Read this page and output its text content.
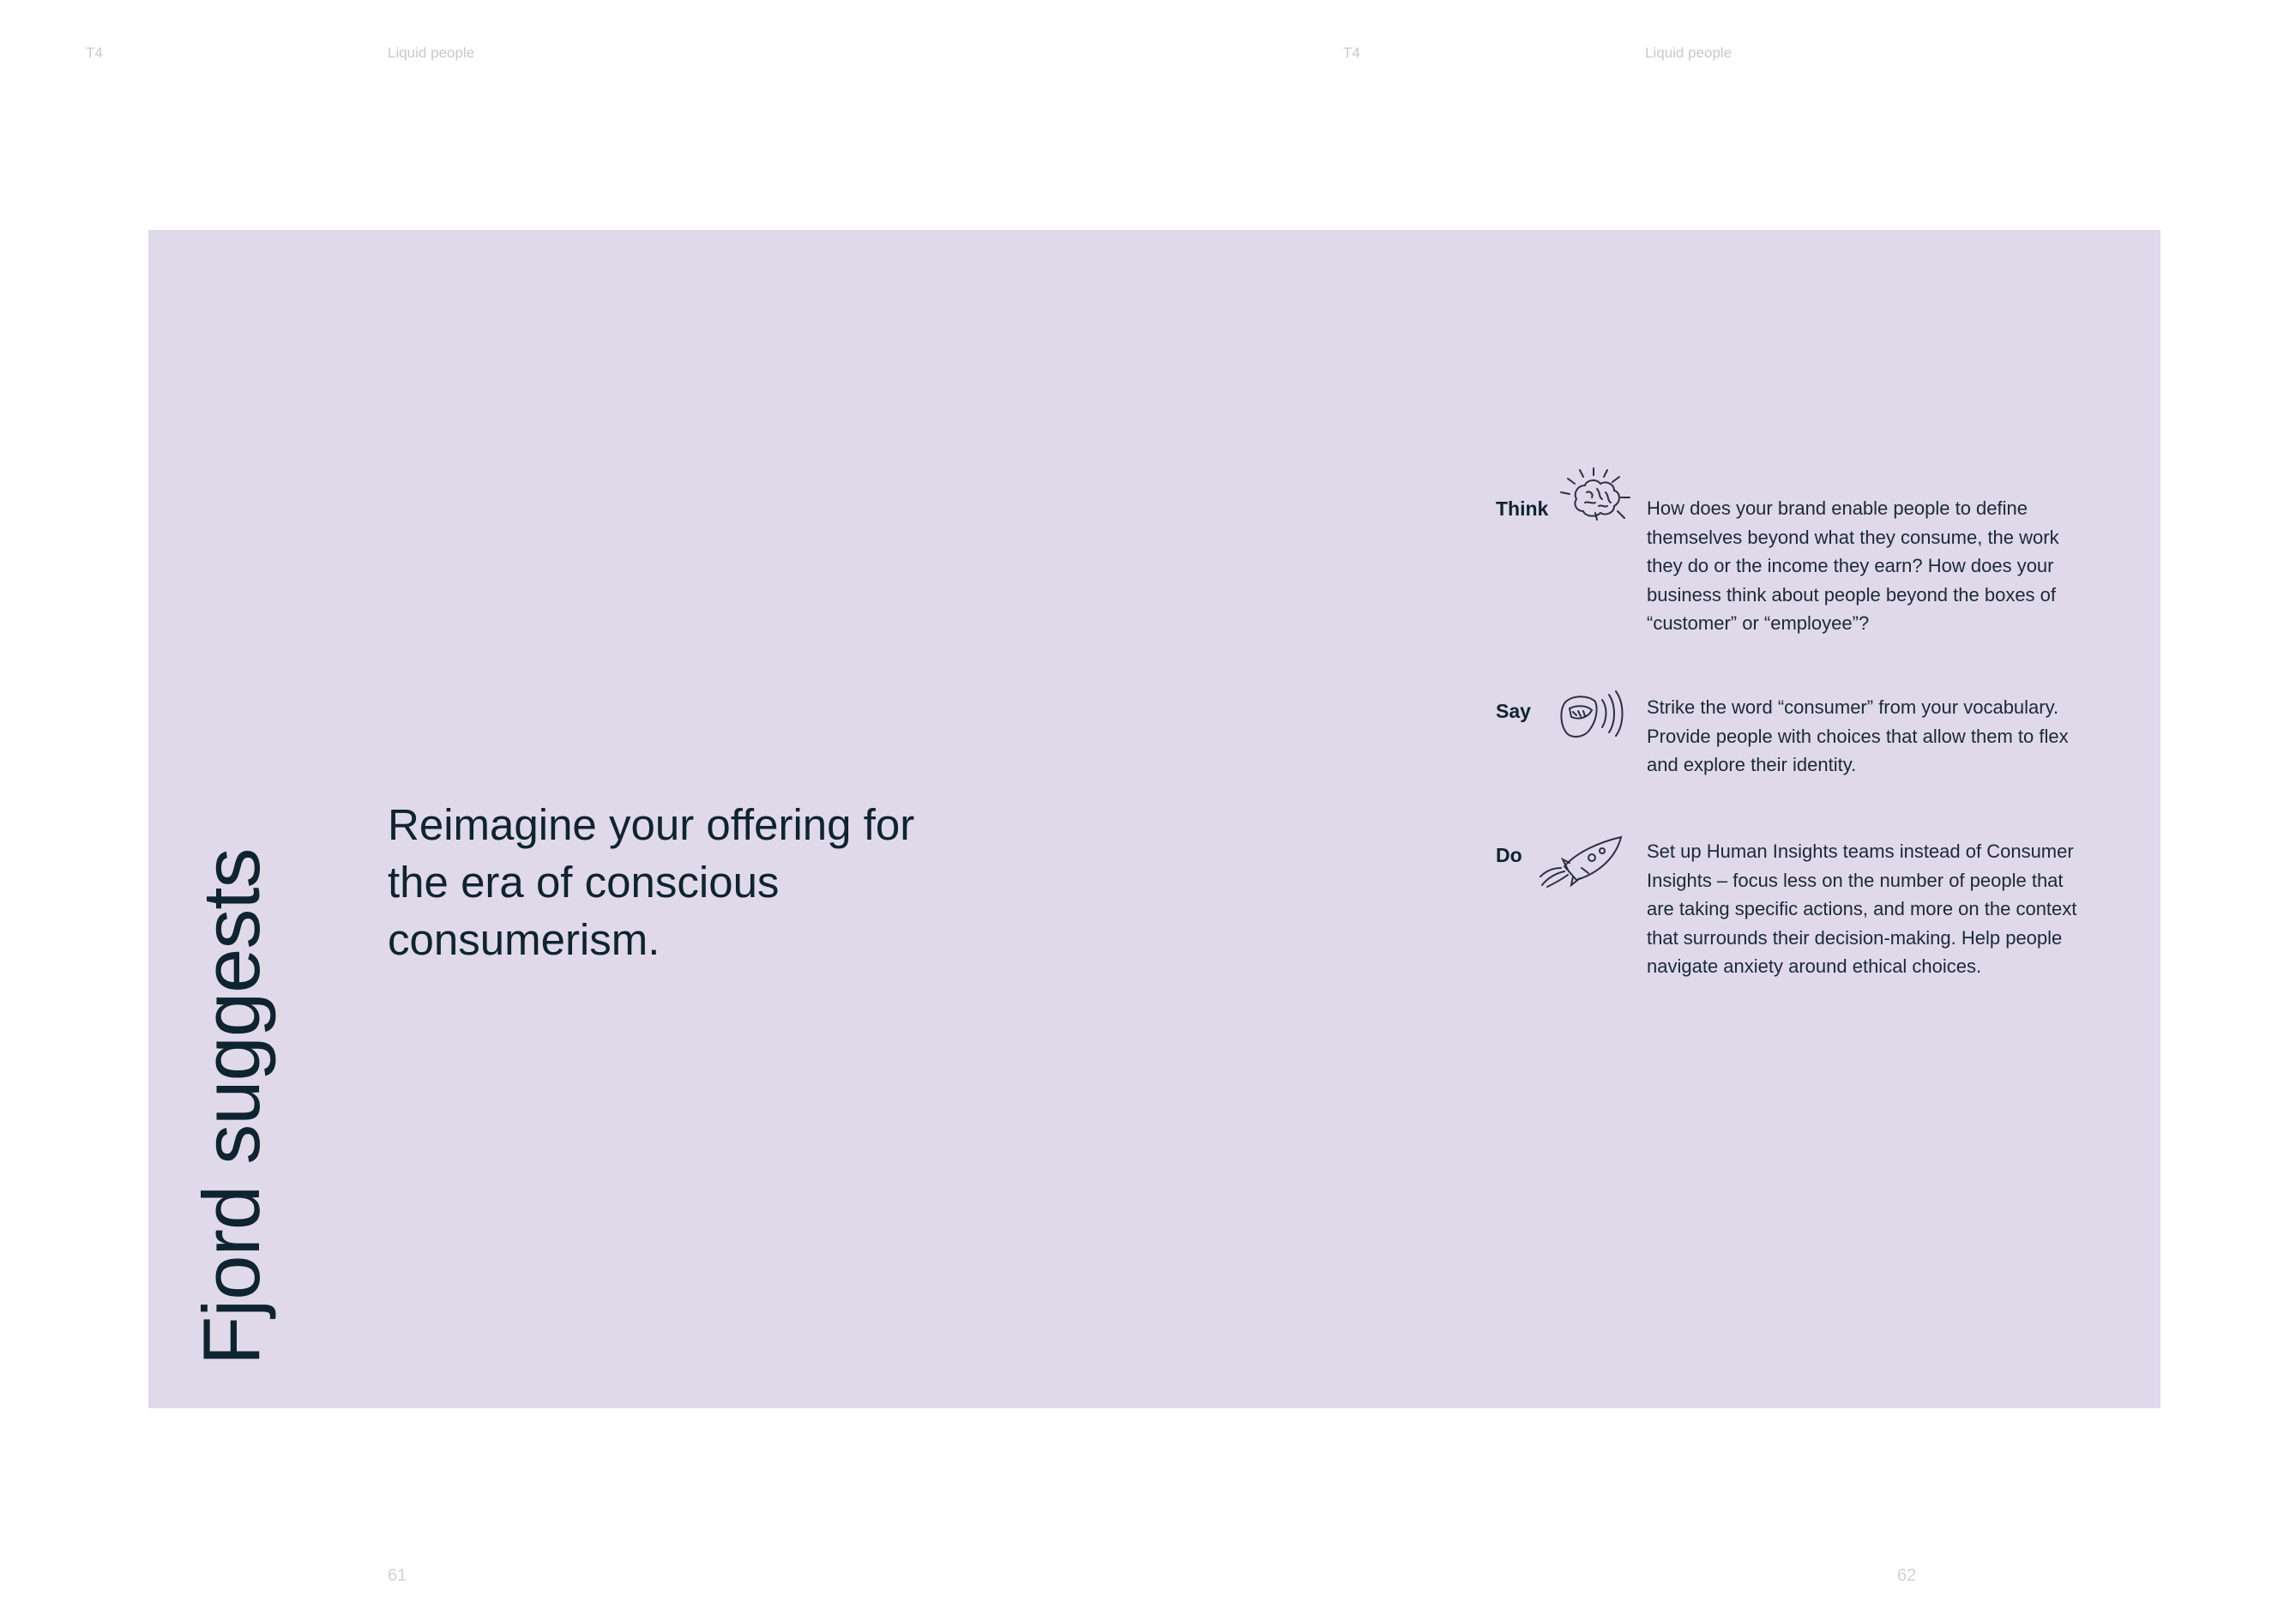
T4	Liquid people	T4	Liquid people
Fjord suggests
Reimagine your offering for the era of conscious consumerism.
Think	How does your brand enable people to define themselves beyond what they consume, the work they do or the income they earn? How does your business think about people beyond the boxes of “customer” or “employee”?
Say	Strike the word “consumer” from your vocabulary. Provide people with choices that allow them to flex and explore their identity.
Do	Set up Human Insights teams instead of Consumer Insights – focus less on the number of people that are taking specific actions, and more on the context that surrounds their decision-making. Help people navigate anxiety around ethical choices.
61	62
